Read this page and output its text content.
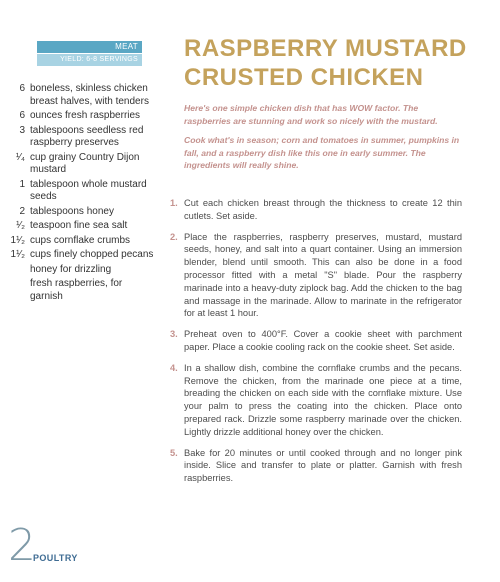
MEAT
YIELD: 6-8 SERVINGS
6 boneless, skinless chicken breast halves, with tenders
6 ounces fresh raspberries
3 tablespoons seedless red raspberry preserves
¹⁄₄ cup grainy Country Dijon mustard
1 tablespoon whole mustard seeds
2 tablespoons honey
¹⁄₂ teaspoon fine sea salt
1¹⁄₂ cups cornflake crumbs
1¹⁄₂ cups finely chopped pecans
honey for drizzling
fresh raspberries, for garnish
RASPBERRY MUSTARD
CRUSTED CHICKEN

Here's one simple chicken dish that has WOW factor. The raspberries are stunning and work so nicely with the mustard.

Cook what's in season; corn and tomatoes in summer, pumpkins in fall, and a raspberry dish like this one in early summer. The ingredients will really shine.

1. Cut each chicken breast through the thickness to create 12 thin cutlets. Set aside.
2. Place the raspberries, raspberry preserves, mustard, mustard seeds, honey, and salt into a quart container. Using an immersion blender, blend until smooth. This can also be done in a food processor fitted with a metal "S" blade. Pour the raspberry marinade into a heavy-duty ziplock bag. Add the chicken to the bag and massage in the marinade. Allow to marinate in the refrigerator for at least 1 hour.
3. Preheat oven to 400°F. Cover a cookie sheet with parchment paper. Place a cookie cooling rack on the cookie sheet. Set aside.
4. In a shallow dish, combine the cornflake crumbs and the pecans. Remove the chicken, from the marinade one piece at a time, breading the chicken on each side with the cornflake mixture. Use your palm to press the coating into the chicken. Place onto prepared rack. Drizzle some raspberry marinade over the chicken. Lightly drizzle additional honey over the chicken.
5. Bake for 20 minutes or until cooked through and no longer pink inside. Slice and transfer to plate or platter. Garnish with fresh raspberries.
2
POULTRY
